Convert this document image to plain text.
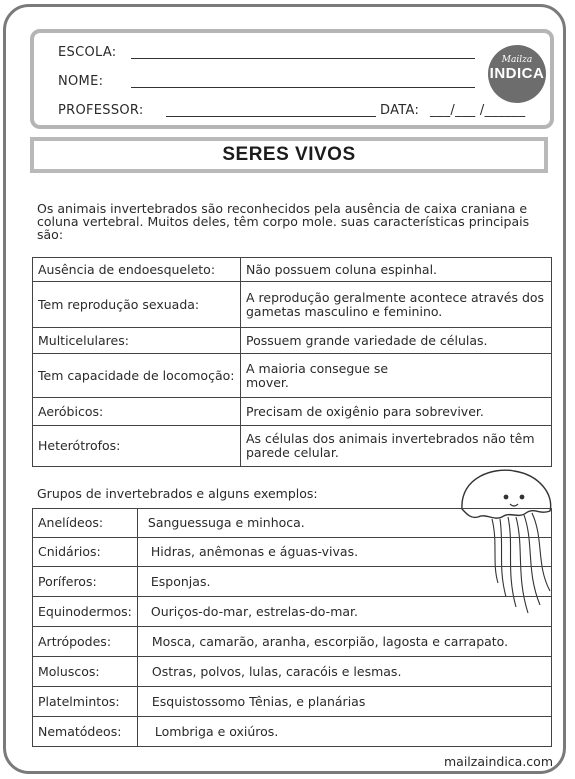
ESCOLA:
NOME:
PROFESSOR:	DATA: ___/___ /______
Mailza
INDICA
SERES VIVOS
Os animais invertebrados são reconhecidos pela ausência de caixa craniana e coluna vertebral. Muitos deles, têm corpo mole. suas características principais são:
Ausência de endoesqueleto:	Não possuem coluna espinhal.
Tem reprodução sexuada:	A reprodução geralmente acontece através dos gametas masculino e feminino.
Multicelulares:	Possuem grande variedade de células.
Tem capacidade de locomoção:	A maioria consegue se mover.
Aeróbicos:	Precisam de oxigênio para sobreviver.
Heterótrofos:	As células dos animais invertebrados não têm parede celular.
Grupos de invertebrados e alguns exemplos:
Anelídeos:	Sanguessuga e minhoca.
Cnidários:	Hidras, anêmonas e águas-vivas.
Poríferos:	Esponjas.
Equinodermos:	Ouriços-do-mar, estrelas-do-mar.
Artrópodes:	Mosca, camarão, aranha, escorpião, lagosta e carrapato.
Moluscos:	Ostras, polvos, lulas, caracóis e lesmas.
Platelmintos:	Esquistossomo Tênias, e planárias
Nematódeos:	Lombriga e oxiúros.
mailzaindica.com
